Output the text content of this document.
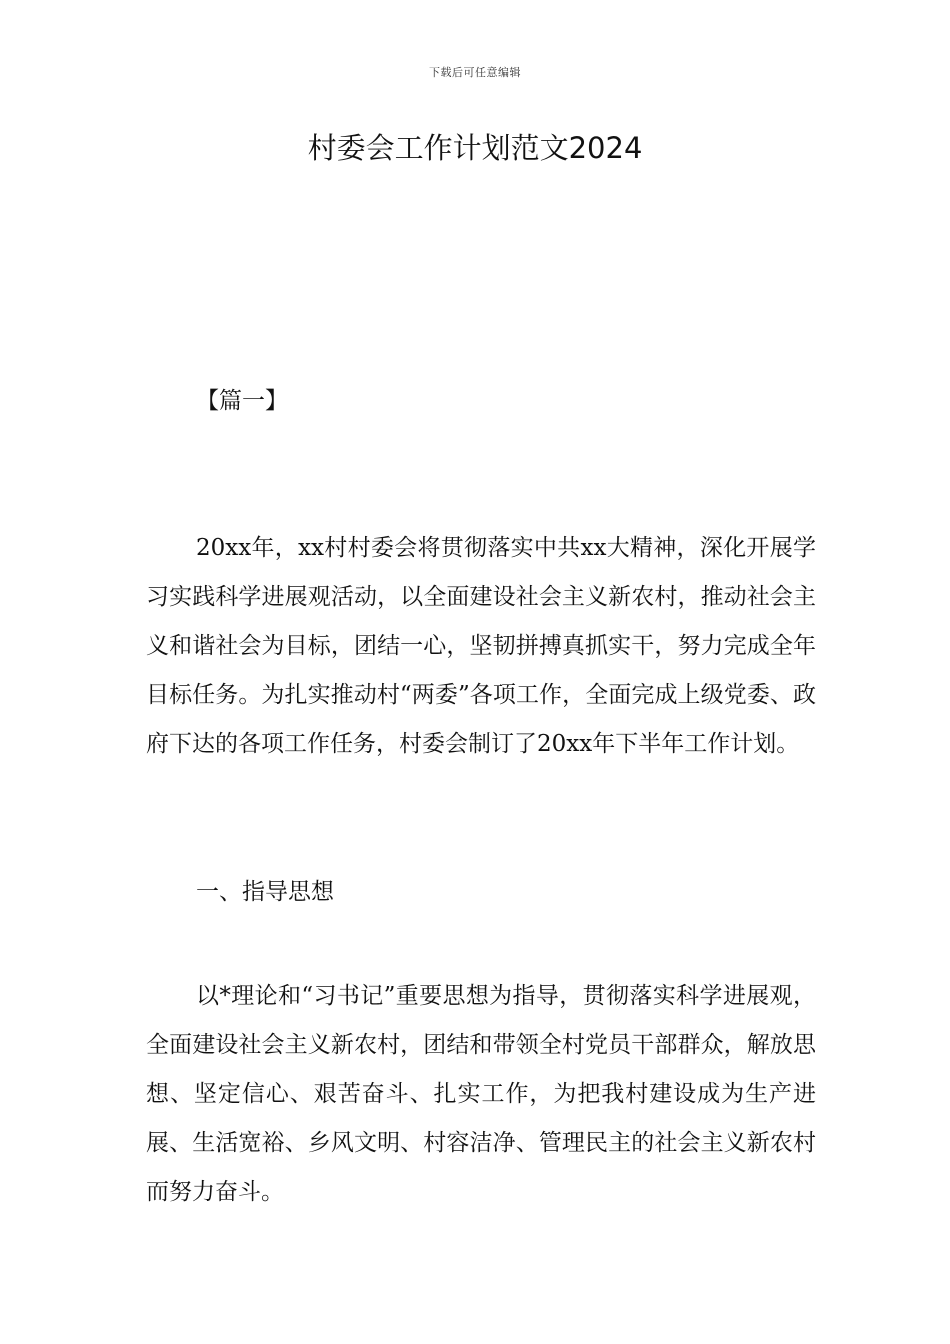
下载后可任意编辑
村委会工作计划范文2024
【篇一】

20xx年，xx村村委会将贯彻落实中共xx大精神，深化开展学习实践科学进展观活动，以全面建设社会主义新农村，推动社会主义和谐社会为目标，团结一心，坚韧拼搏真抓实干，努力完成全年目标任务。为扎实推动村“两委”各项工作，全面完成上级党委、政府下达的各项工作任务，村委会制订了20xx年下半年工作计划。

一、指导思想

以*理论和“习书记”重要思想为指导，贯彻落实科学进展观，全面建设社会主义新农村，团结和带领全村党员干部群众，解放思想、坚定信心、艰苦奋斗、扎实工作，为把我村建设成为生产进展、生活宽裕、乡风文明、村容洁净、管理民主的社会主义新农村而努力奋斗。
